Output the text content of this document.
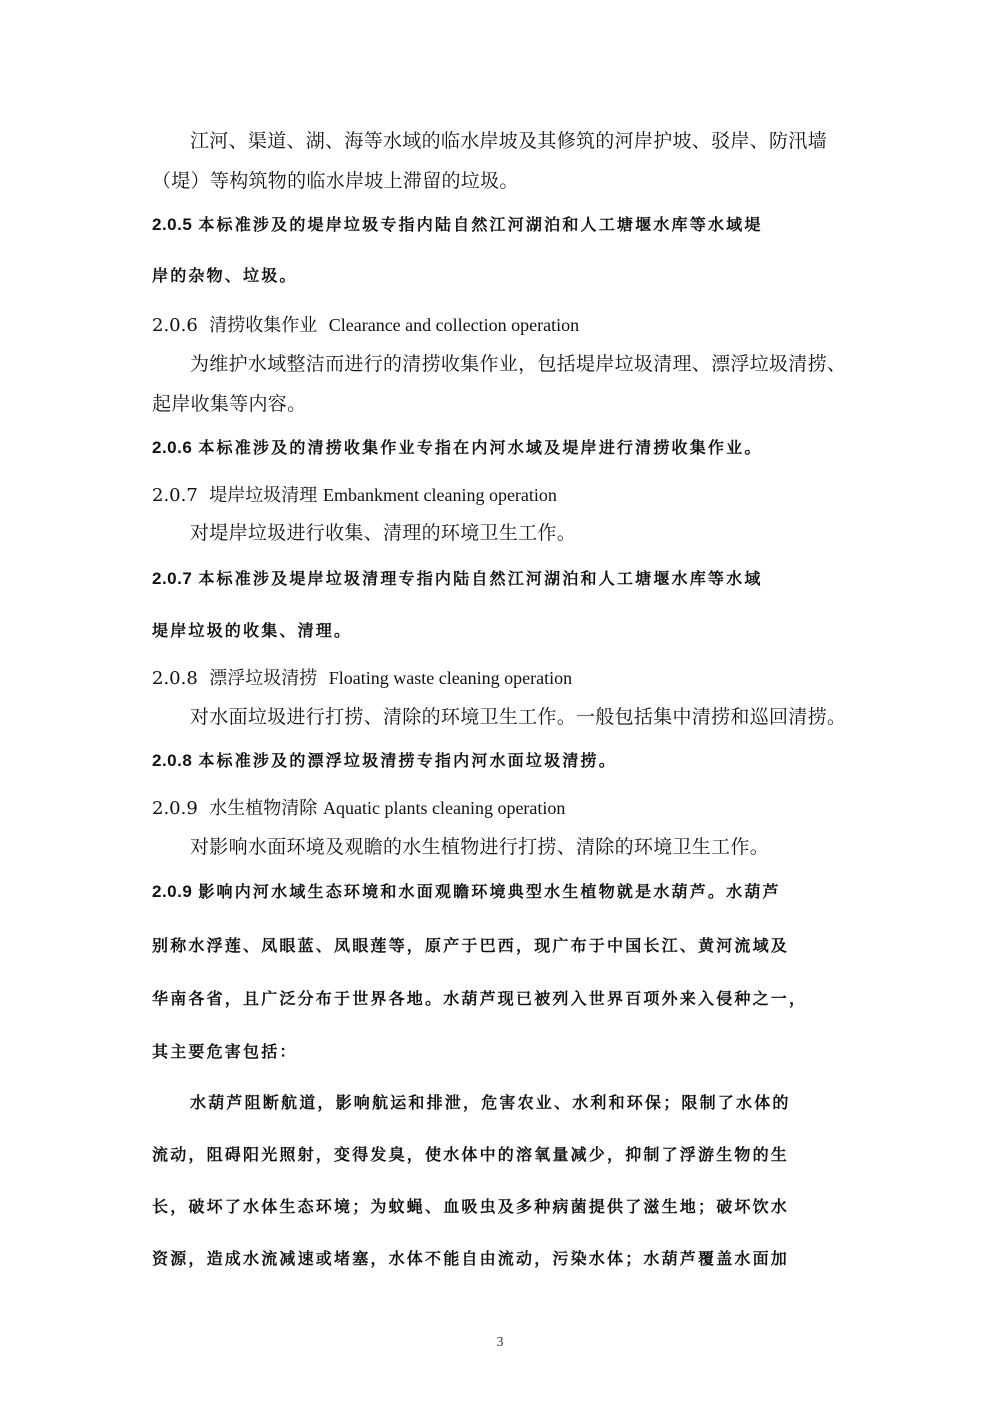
江河、渠道、湖、海等水域的临水岸坡及其修筑的河岸护坡、驳岸、防汛墙
（堤）等构筑物的临水岸坡上滞留的垃圾。
2.0.5 本标准涉及的堤岸垃圾专指内陆自然江河湖泊和人工塘堰水库等水域堤
岸的杂物、垃圾。
2.0.6 清捞收集作业 Clearance and collection operation
为维护水域整洁而进行的清捞收集作业，包括堤岸垃圾清理、漂浮垃圾清捞、
起岸收集等内容。
2.0.6 本标准涉及的清捞收集作业专指在内河水域及堤岸进行清捞收集作业。
2.0.7 堤岸垃圾清理 Embankment cleaning operation
对堤岸垃圾进行收集、清理的环境卫生工作。
2.0.7 本标准涉及堤岸垃圾清理专指内陆自然江河湖泊和人工塘堰水库等水域
堤岸垃圾的收集、清理。
2.0.8 漂浮垃圾清捞 Floating waste cleaning operation
对水面垃圾进行打捞、清除的环境卫生工作。一般包括集中清捞和巡回清捞。
2.0.8 本标准涉及的漂浮垃圾清捞专指内河水面垃圾清捞。
2.0.9 水生植物清除 Aquatic plants cleaning operation
对影响水面环境及观瞻的水生植物进行打捞、清除的环境卫生工作。
2.0.9 影响内河水域生态环境和水面观瞻环境典型水生植物就是水葫芦。水葫芦
别称水浮莲、凤眼蓝、凤眼莲等，原产于巴西，现广布于中国长江、黄河流域及
华南各省，且广泛分布于世界各地。水葫芦现已被列入世界百项外来入侵种之一，
其主要危害包括：
水葫芦阻断航道，影响航运和排泄，危害农业、水利和环保；限制了水体的
流动，阻碍阳光照射，变得发臭，使水体中的溶氧量减少，抑制了浮游生物的生
长，破坏了水体生态环境；为蚊蝇、血吸虫及多种病菌提供了滋生地；破坏饮水
资源，造成水流减速或堵塞，水体不能自由流动，污染水体；水葫芦覆盖水面加
3
